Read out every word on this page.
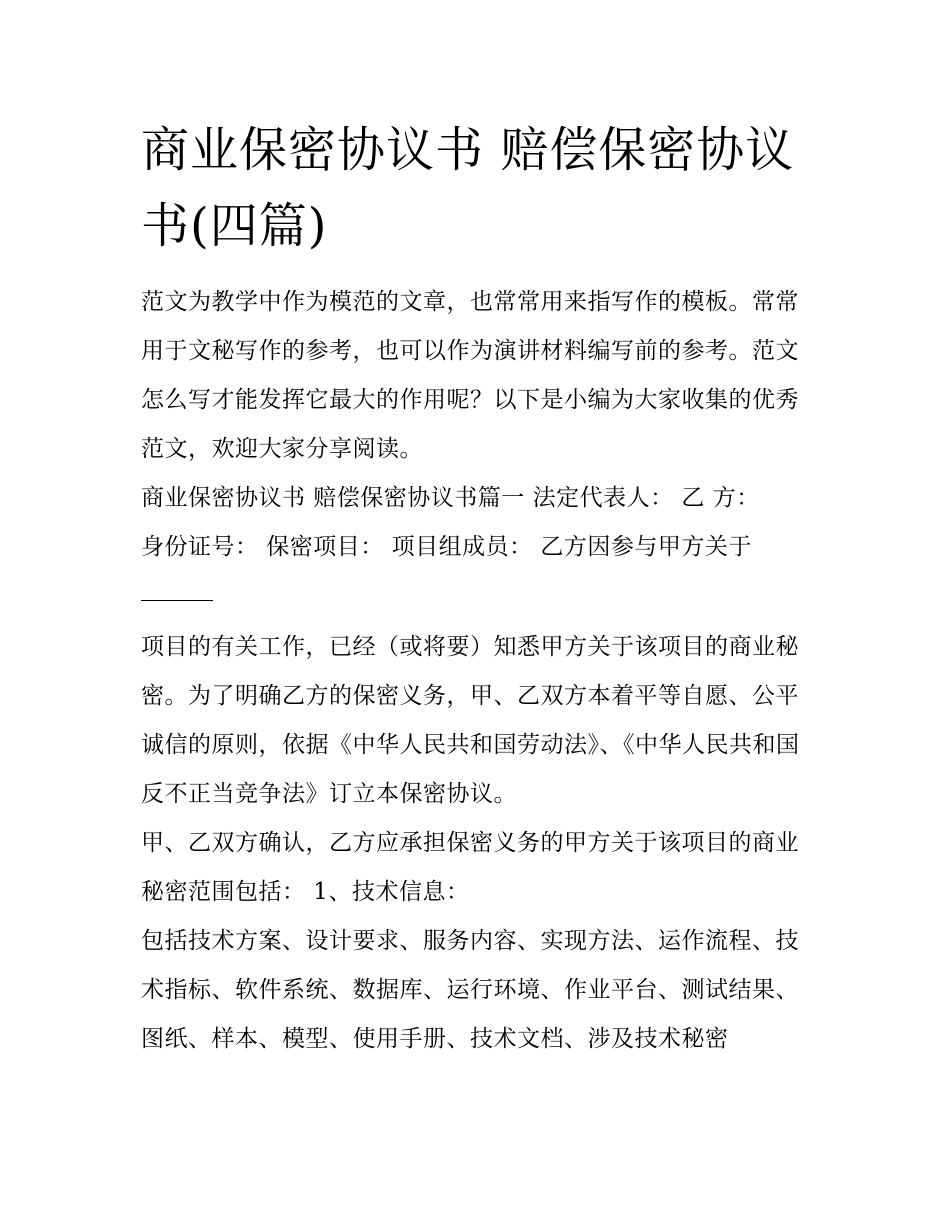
商业保密协议书 赔偿保密协议书(四篇)

范文为教学中作为模范的文章，也常常用来指写作的模板。常常用于文秘写作的参考，也可以作为演讲材料编写前的参考。范文怎么写才能发挥它最大的作用呢？以下是小编为大家收集的优秀范文，欢迎大家分享阅读。

商业保密协议书 赔偿保密协议书篇一 法定代表人： 乙 方：

身份证号： 保密项目： 项目组成员： 乙方因参与甲方关于

项目的有关工作，已经（或将要）知悉甲方关于该项目的商业秘密。为了明确乙方的保密义务，甲、乙双方本着平等自愿、公平诚信的原则，依据《中华人民共和国劳动法》、《中华人民共和国反不正当竞争法》订立本保密协议。

甲、乙双方确认，乙方应承担保密义务的甲方关于该项目的商业秘密范围包括： 1、技术信息：

包括技术方案、设计要求、服务内容、实现方法、运作流程、技术指标、软件系统、数据库、运行环境、作业平台、测试结果、图纸、样本、模型、使用手册、技术文档、涉及技术秘密
